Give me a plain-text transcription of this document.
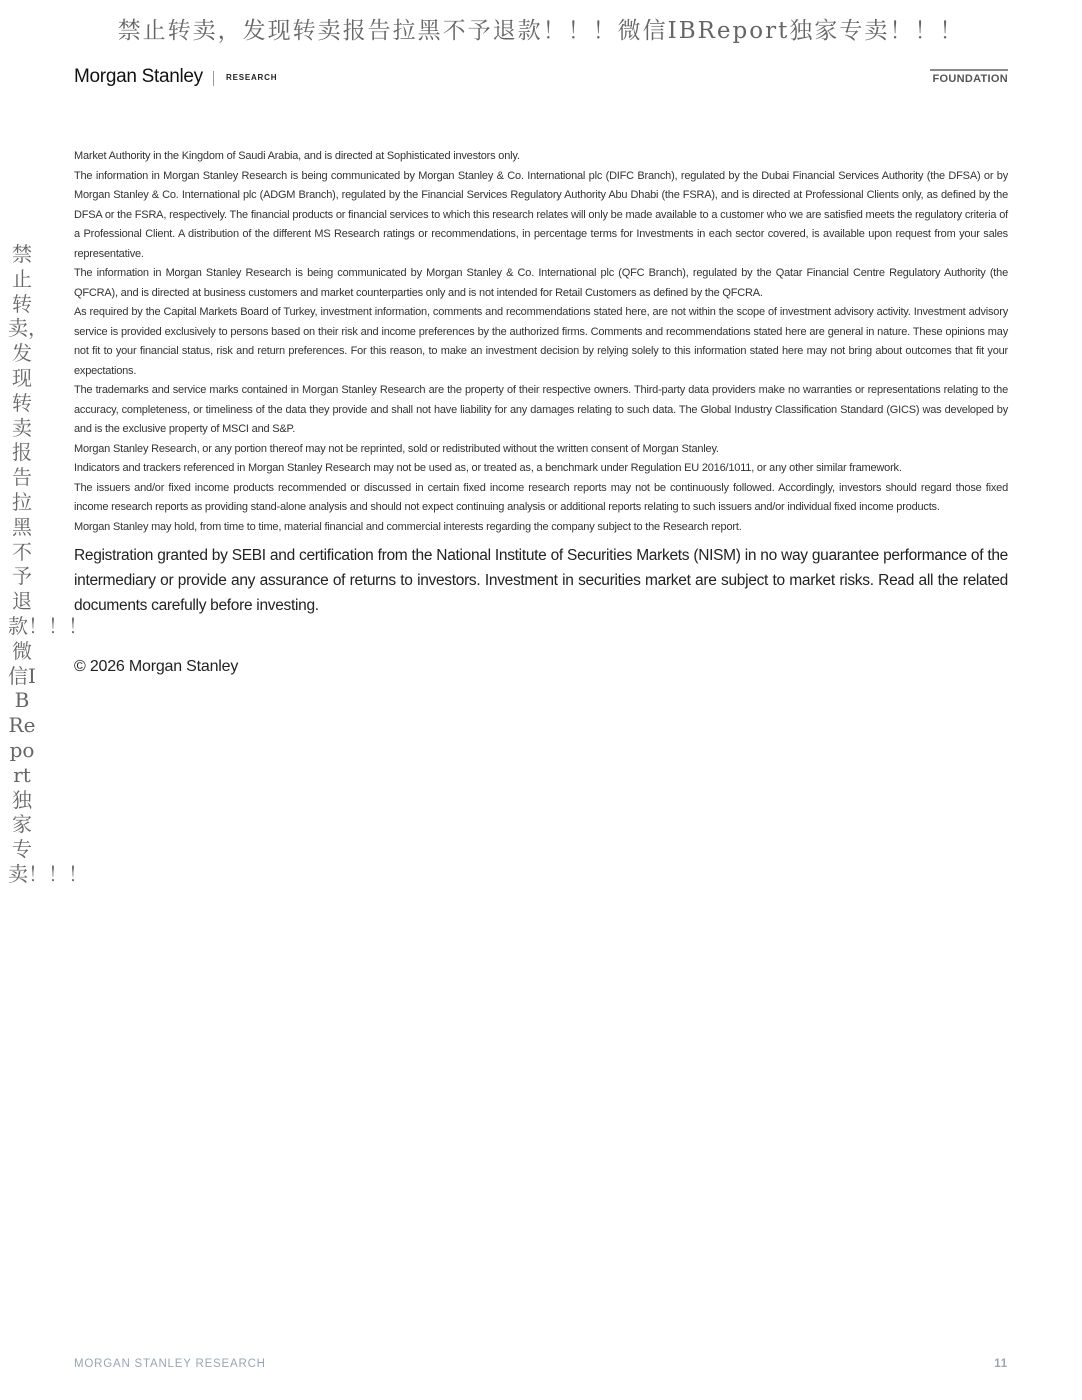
禁止转卖，发现转卖报告拉黑不予退款！！！微信IBReport独家专卖！！！
禁止转卖，发现转卖报告拉黑不予退款！！！微信IBReport独家专卖！！！
Morgan Stanley	RESEARCH	FOUNDATION

Market Authority in the Kingdom of Saudi Arabia, and is directed at Sophisticated investors only.

The information in Morgan Stanley Research is being communicated by Morgan Stanley & Co. International plc (DIFC Branch), regulated by the Dubai Financial Services Authority (the DFSA) or by Morgan Stanley & Co. International plc (ADGM Branch), regulated by the Financial Services Regulatory Authority Abu Dhabi (the FSRA), and is directed at Professional Clients only, as defined by the DFSA or the FSRA, respectively. The financial products or financial services to which this research relates will only be made available to a customer who we are satisfied meets the regulatory criteria of a Professional Client. A distribution of the different MS Research ratings or recommendations, in percentage terms for Investments in each sector covered, is available upon request from your sales representative.

The information in Morgan Stanley Research is being communicated by Morgan Stanley & Co. International plc (QFC Branch), regulated by the Qatar Financial Centre Regulatory Authority (the QFCRA), and is directed at business customers and market counterparties only and is not intended for Retail Customers as defined by the QFCRA.

As required by the Capital Markets Board of Turkey, investment information, comments and recommendations stated here, are not within the scope of investment advisory activity. Investment advisory service is provided exclusively to persons based on their risk and income preferences by the authorized firms. Comments and recommendations stated here are general in nature. These opinions may not fit to your financial status, risk and return preferences. For this reason, to make an investment decision by relying solely to this information stated here may not bring about outcomes that fit your expectations.

The trademarks and service marks contained in Morgan Stanley Research are the property of their respective owners. Third-party data providers make no warranties or representations relating to the accuracy, completeness, or timeliness of the data they provide and shall not have liability for any damages relating to such data. The Global Industry Classification Standard (GICS) was developed by and is the exclusive property of MSCI and S&P.

Morgan Stanley Research, or any portion thereof may not be reprinted, sold or redistributed without the written consent of Morgan Stanley.

Indicators and trackers referenced in Morgan Stanley Research may not be used as, or treated as, a benchmark under Regulation EU 2016/1011, or any other similar framework.

The issuers and/or fixed income products recommended or discussed in certain fixed income research reports may not be continuously followed. Accordingly, investors should regard those fixed income research reports as providing stand-alone analysis and should not expect continuing analysis or additional reports relating to such issuers and/or individual fixed income products.

Morgan Stanley may hold, from time to time, material financial and commercial interests regarding the company subject to the Research report.

Registration granted by SEBI and certification from the National Institute of Securities Markets (NISM) in no way guarantee performance of the intermediary or provide any assurance of returns to investors. Investment in securities market are subject to market risks. Read all the related documents carefully before investing.

© 2026 Morgan Stanley

MORGAN STANLEY RESEARCH	11
